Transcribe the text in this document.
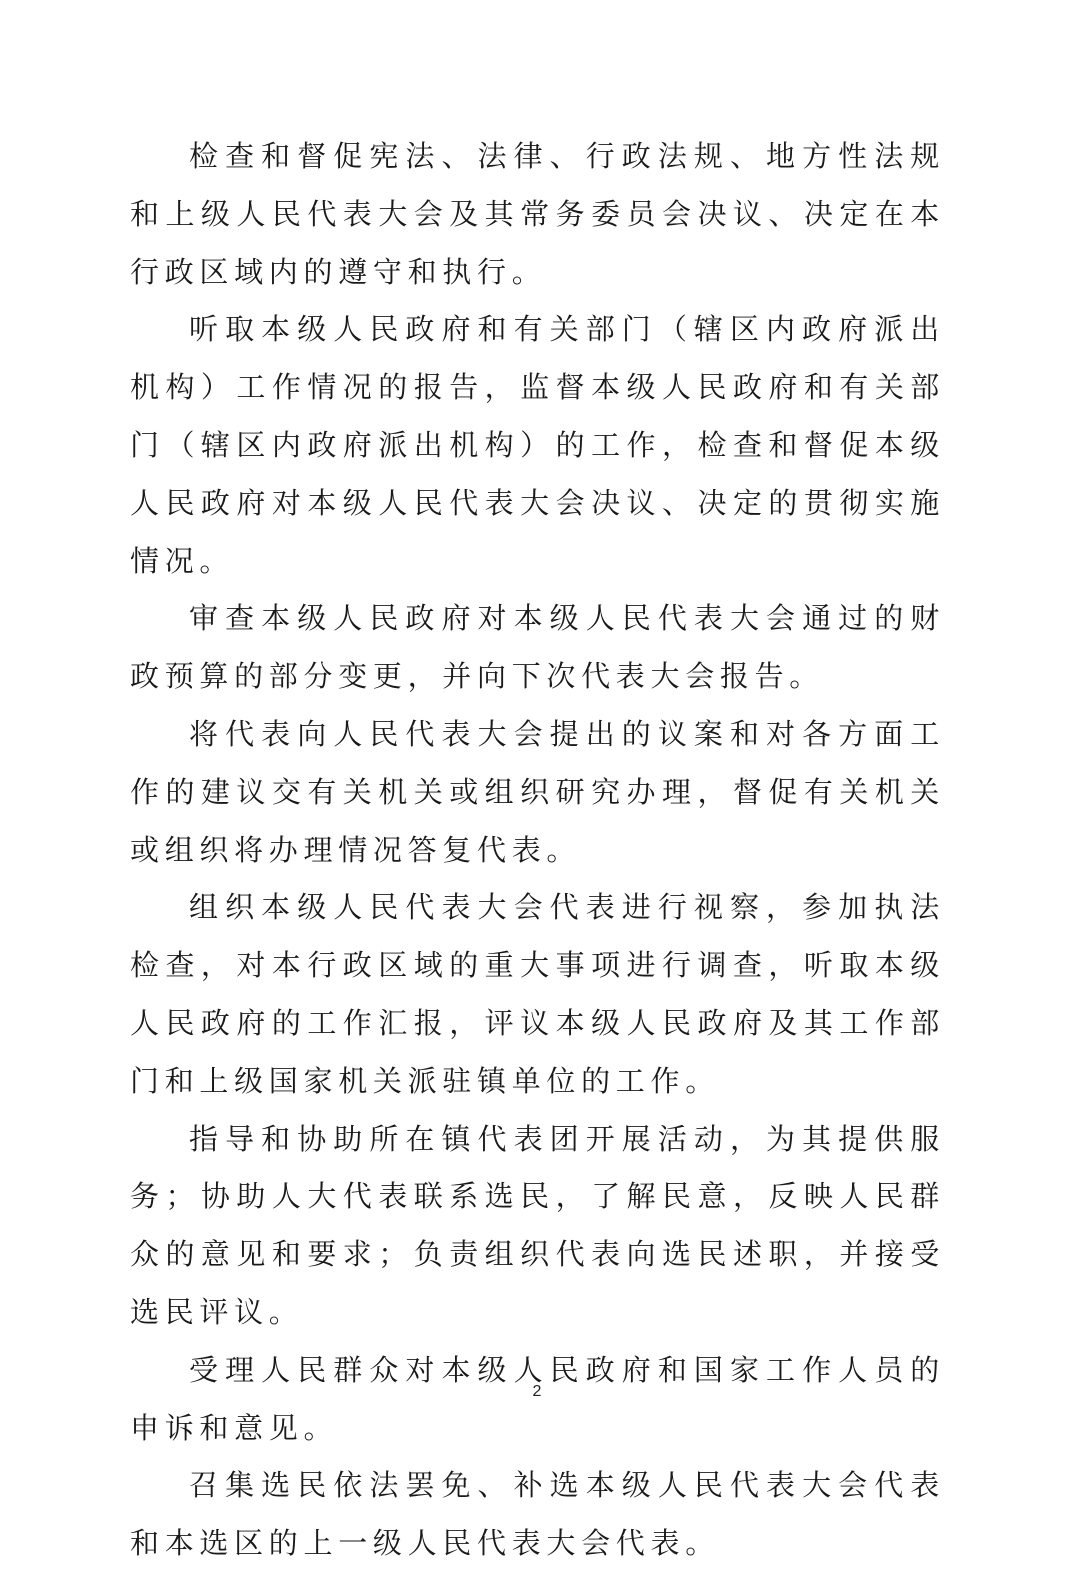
检查和督促宪法、法律、行政法规、地方性法规和上级人民代表大会及其常务委员会决议、决定在本行政区域内的遵守和执行。

听取本级人民政府和有关部门（辖区内政府派出机构）工作情况的报告，监督本级人民政府和有关部门（辖区内政府派出机构）的工作，检查和督促本级人民政府对本级人民代表大会决议、决定的贯彻实施情况。

审查本级人民政府对本级人民代表大会通过的财政预算的部分变更，并向下次代表大会报告。

将代表向人民代表大会提出的议案和对各方面工作的建议交有关机关或组织研究办理，督促有关机关或组织将办理情况答复代表。

组织本级人民代表大会代表进行视察，参加执法检查，对本行政区域的重大事项进行调查，听取本级人民政府的工作汇报，评议本级人民政府及其工作部门和上级国家机关派驻镇单位的工作。

指导和协助所在镇代表团开展活动，为其提供服务；协助人大代表联系选民，了解民意，反映人民群众的意见和要求；负责组织代表向选民述职，并接受选民评议。

受理人民群众对本级人民政府和国家工作人员的申诉和意见。

召集选民依法罢免、补选本级人民代表大会代表和本选区的上一级人民代表大会代表。

2
